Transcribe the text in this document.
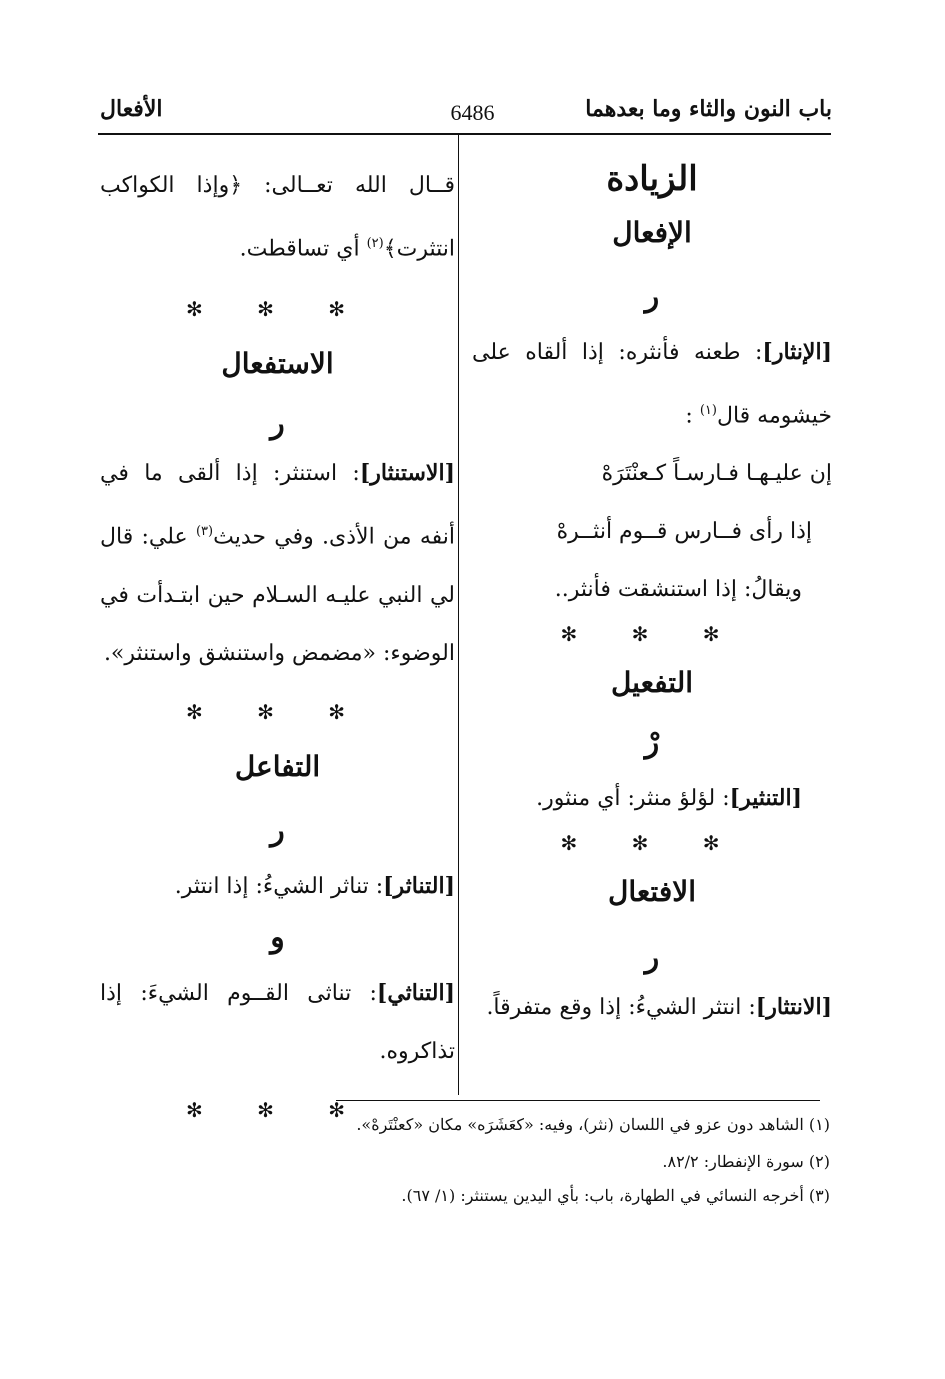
باب النون والثاء وما بعدهما
6486
الأفعال

الزيادة

الإفعال

ر

[الإنثار]: طعنه فأنثره: إذا ألقاه على خيشومه قال$^{(١)}$ :

إن عليـهـا فـارسـاً كـعنْتَرَهْ

إذا رأى فــارس قــوم أنثــرهْ

ويقالُ: إذا استنشقت فأنثر..

✻ ✻ ✻

التفعيل

رْ

[التنثير]: لؤلؤ منثر: أي منثور.

✻ ✻ ✻

الافتعال

ر

[الانتثار]: انتثر الشيءُ: إذا وقع متفرقاً.

قــال الله تعــالى: ﴿وإذا الكواكب انتثرت﴾$^{(٢)}$ أي تساقطت.

✻ ✻ ✻

الاستفعال

ر

[الاستنثار]: استنثر: إذا ألقى ما في أنفه من الأذى. وفي حديث$^{(٣)}$ علي: قال لي النبي عليـه السـلام حين ابتـدأت في الوضوء: «مضمض واستنشق واستنثر».

✻ ✻ ✻

التفاعل

ر

[التناثر]: تناثر الشيءُ: إذا انتثر.

و

[التناثي]: تناثى القــوم الشيءَ: إذا تذاكروه.

✻ ✻ ✻

(١) الشاهد دون عزو في اللسان (نثر)، وفيه: «كعَشَرَه» مكان «كعنْتَرهْ».
(٢) سورة الإنفطار: ٨٢/٢.
(٣) أخرجه النسائي في الطهارة، باب: بأي اليدين يستنثر: (١/ ٦٧).
